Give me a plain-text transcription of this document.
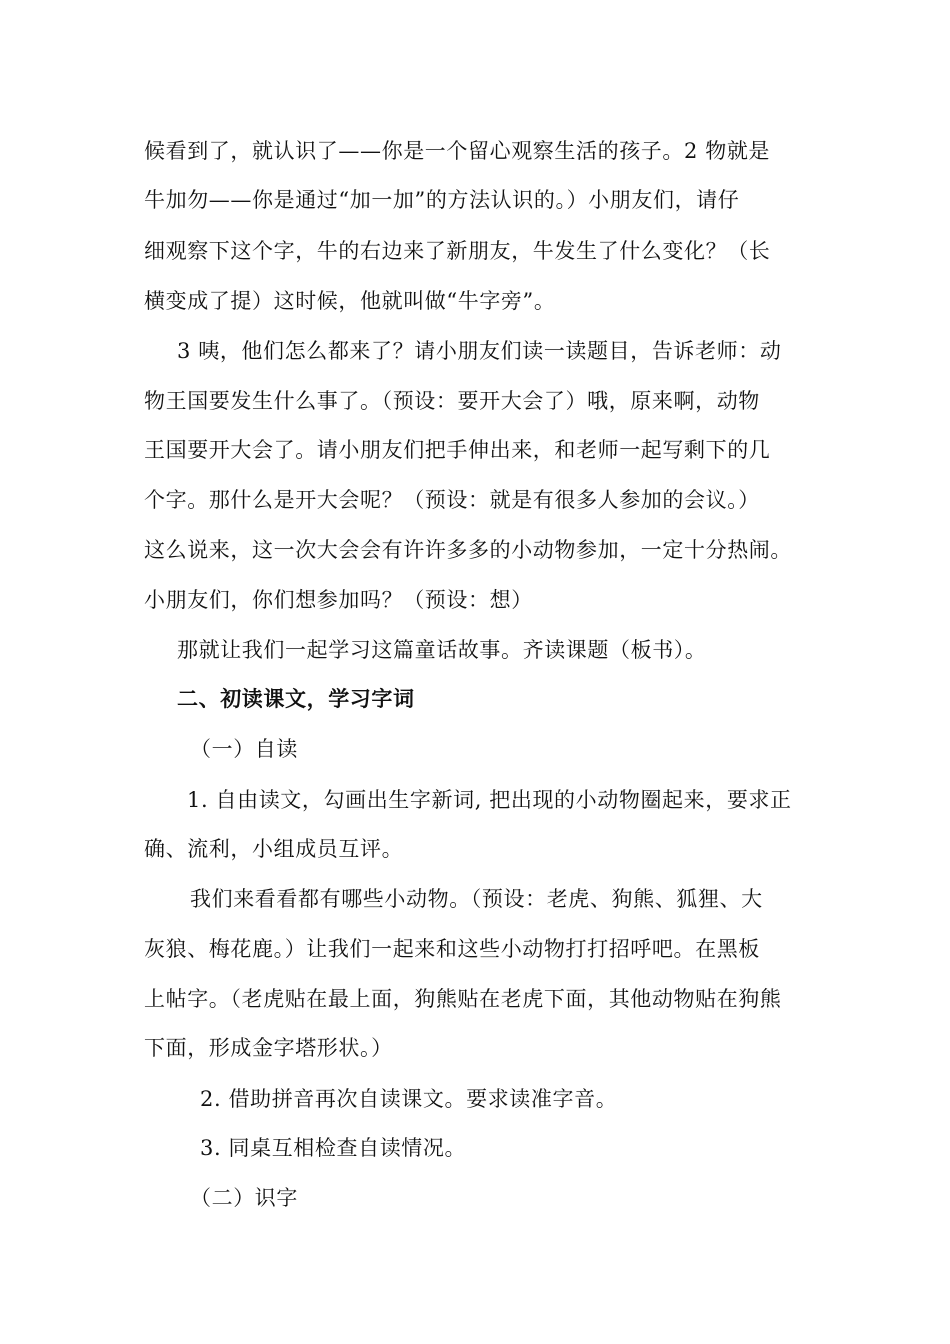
候看到了，就认识了——你是一个留心观察生活的孩子。2 物就是
牛加勿——你是通过“加一加”的方法认识的。）小朋友们，请仔
细观察下这个字，牛的右边来了新朋友，牛发生了什么变化？（长
横变成了提）这时候，他就叫做“牛字旁”。
3 咦，他们怎么都来了？请小朋友们读一读题目，告诉老师：动
物王国要发生什么事了。（预设：要开大会了）哦，原来啊，动物
王国要开大会了。请小朋友们把手伸出来，和老师一起写剩下的几
个字。那什么是开大会呢？（预设：就是有很多人参加的会议。）
这么说来，这一次大会会有许许多多的小动物参加，一定十分热闹。
小朋友们，你们想参加吗？（预设：想）
那就让我们一起学习这篇童话故事。齐读课题（板书）。
二、初读课文，学习字词
（一）自读
1. 自由读文，勾画出生字新词, 把出现的小动物圈起来，要求正
确、流利，小组成员互评。
我们来看看都有哪些小动物。（预设：老虎、狗熊、狐狸、大
灰狼、梅花鹿。）让我们一起来和这些小动物打打招呼吧。在黑板
上帖字。（老虎贴在最上面，狗熊贴在老虎下面，其他动物贴在狗熊
下面，形成金字塔形状。）
2. 借助拼音再次自读课文。要求读准字音。
3. 同桌互相检查自读情况。
（二）识字
